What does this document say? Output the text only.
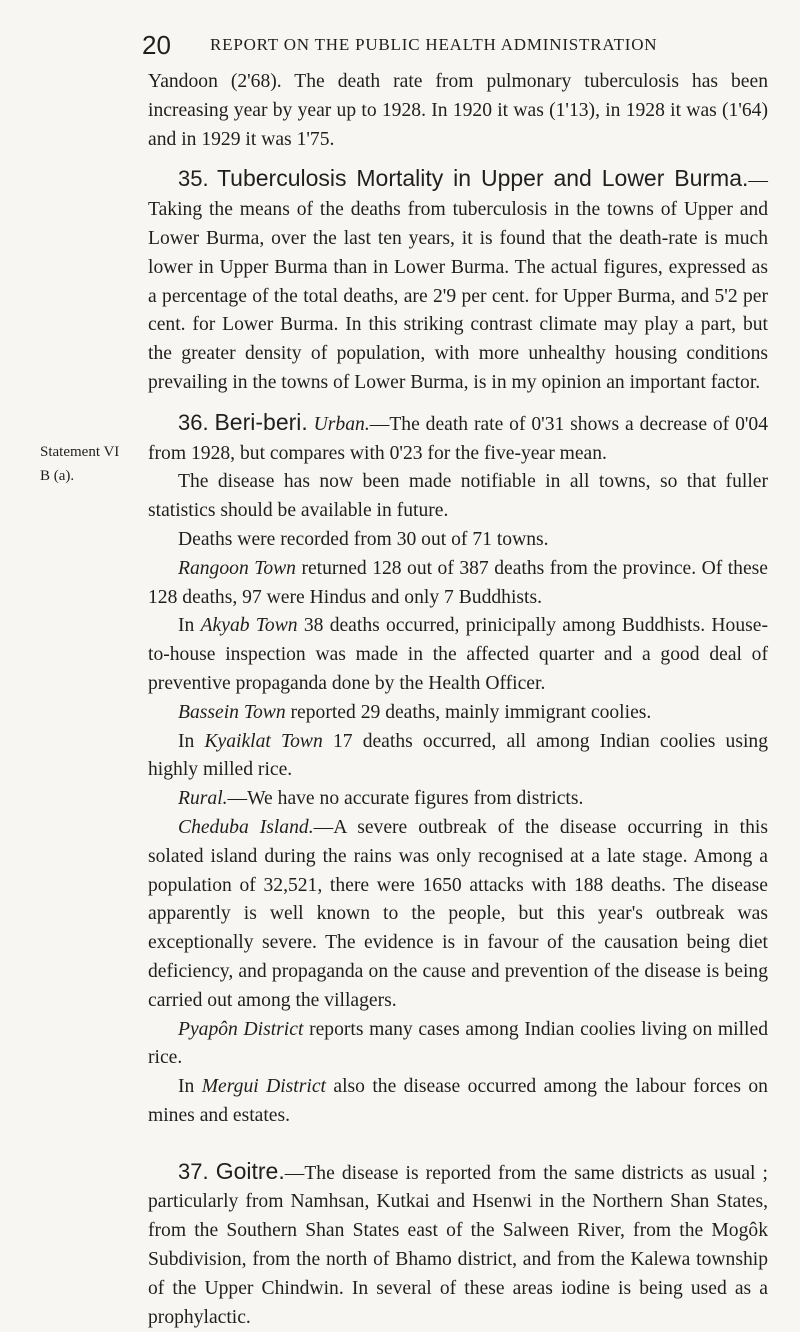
20 REPORT ON THE PUBLIC HEALTH ADMINISTRATION
Statement VI
B (a).

Yandoon (2'68). The death rate from pulmonary tuberculosis has been increasing year by year up to 1928. In 1920 it was (1'13), in 1928 it was (1'64) and in 1929 it was 1'75.

35. Tuberculosis Mortality in Upper and Lower Burma.—Taking the means of the deaths from tuberculosis in the towns of Upper and Lower Burma, over the last ten years, it is found that the death-rate is much lower in Upper Burma than in Lower Burma. The actual figures, expressed as a percentage of the total deaths, are 2'9 per cent. for Upper Burma, and 5'2 per cent. for Lower Burma. In this striking contrast climate may play a part, but the greater density of population, with more unhealthy housing conditions prevailing in the towns of Lower Burma, is in my opinion an important factor.

36. Beri-beri. Urban.—The death rate of 0'31 shows a decrease of 0'04 from 1928, but compares with 0'23 for the five-year mean.

The disease has now been made notifiable in all towns, so that fuller statistics should be available in future.

Deaths were recorded from 30 out of 71 towns.

Rangoon Town returned 128 out of 387 deaths from the province. Of these 128 deaths, 97 were Hindus and only 7 Buddhists.

In Akyab Town 38 deaths occurred, prinicipally among Buddhists. House-to-house inspection was made in the affected quarter and a good deal of preventive propaganda done by the Health Officer.

Bassein Town reported 29 deaths, mainly immigrant coolies.

In Kyaiklat Town 17 deaths occurred, all among Indian coolies using highly milled rice.

Rural.—We have no accurate figures from districts.

Cheduba Island.—A severe outbreak of the disease occurring in this solated island during the rains was only recognised at a late stage. Among a population of 32,521, there were 1650 attacks with 188 deaths. The disease apparently is well known to the people, but this year's outbreak was exceptionally severe. The evidence is in favour of the causation being diet deficiency, and propaganda on the cause and prevention of the disease is being carried out among the villagers.

Pyapôn District reports many cases among Indian coolies living on milled rice.

In Mergui District also the disease occurred among the labour forces on mines and estates.

37. Goitre.—The disease is reported from the same districts as usual ; particularly from Namhsan, Kutkai and Hsenwi in the Northern Shan States, from the Southern Shan States east of the Salween River, from the Mogôk Subdivision, from the north of Bhamo district, and from the Kalewa township of the Upper Chindwin. In several of these areas iodine is being used as a prophylactic.
